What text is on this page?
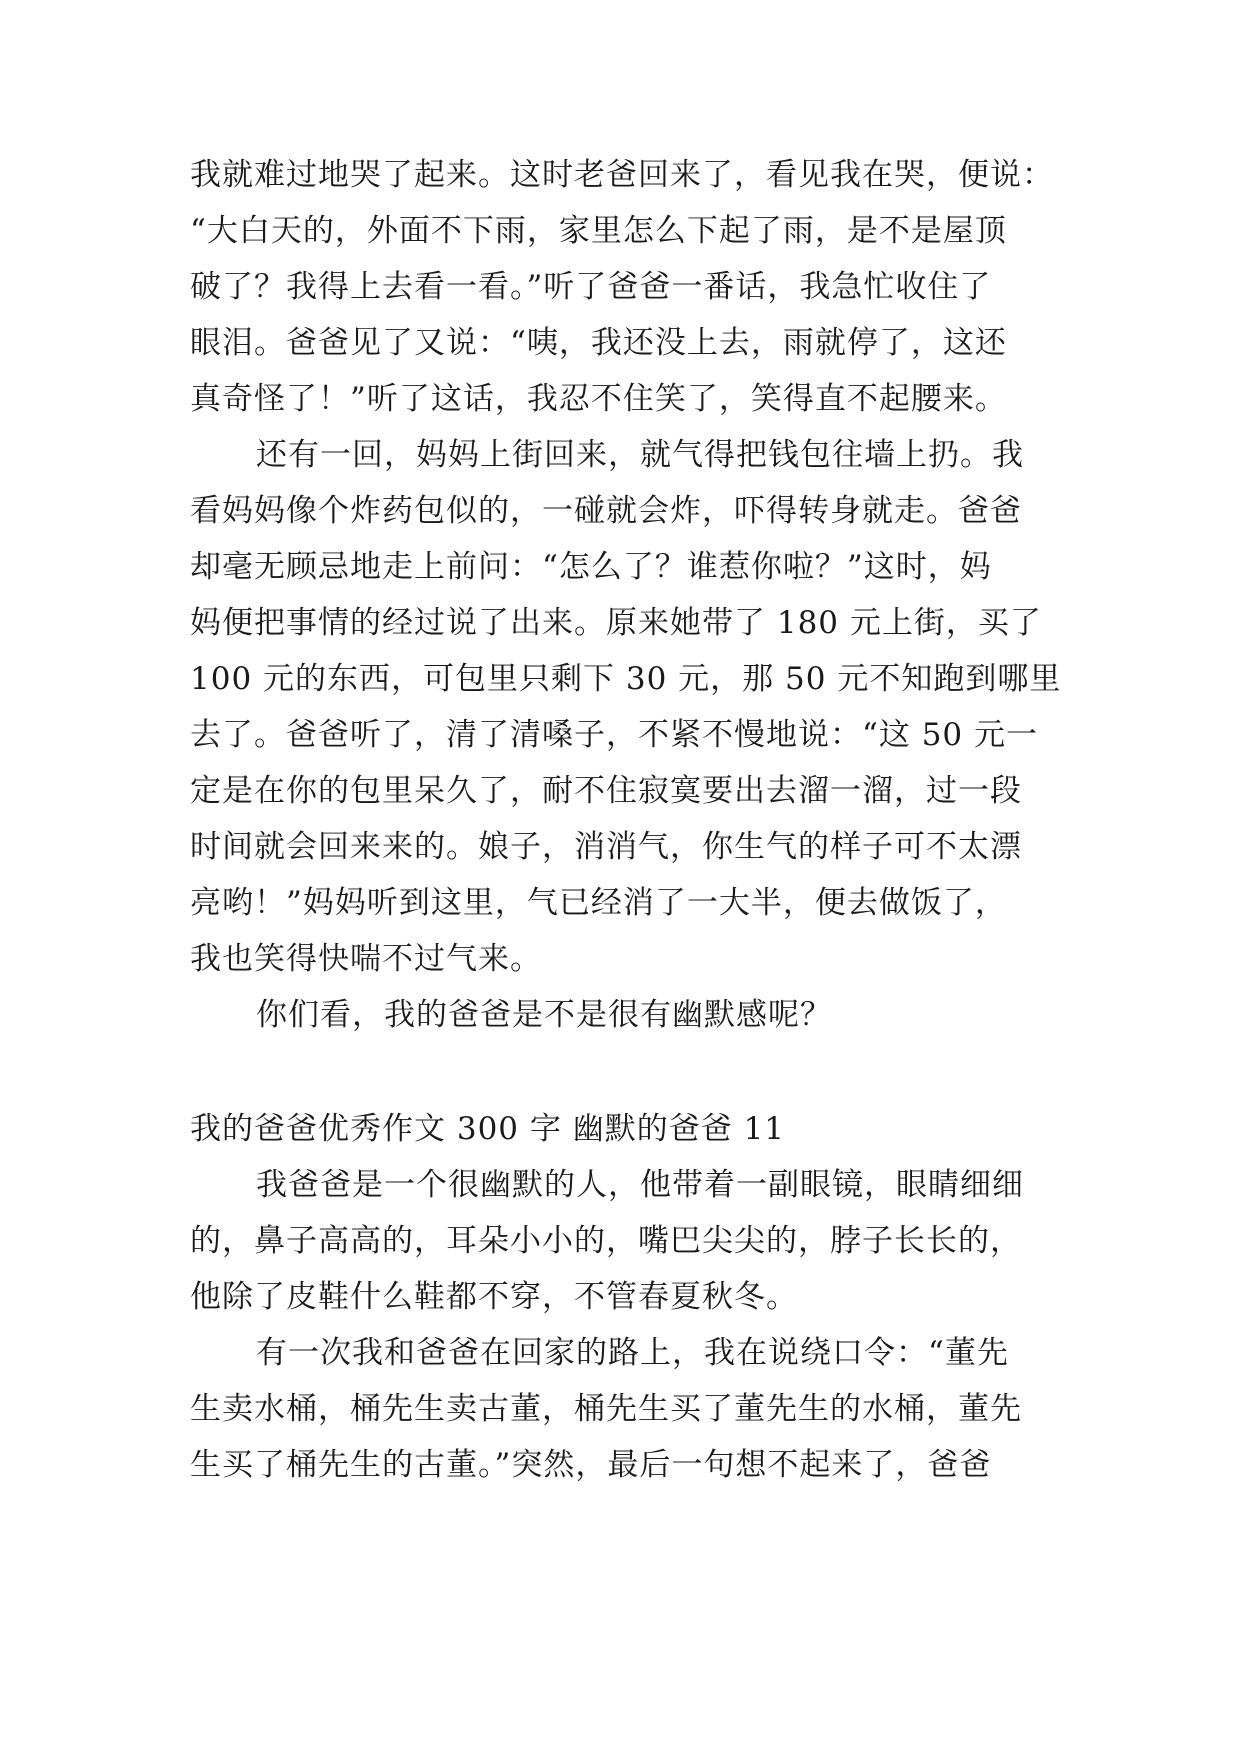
我就难过地哭了起来。这时老爸回来了，看见我在哭，便说：
“大白天的，外面不下雨，家里怎么下起了雨，是不是屋顶
破了？我得上去看一看。”听了爸爸一番话，我急忙收住了
眼泪。爸爸见了又说：“咦，我还没上去，雨就停了，这还
真奇怪了！”听了这话，我忍不住笑了，笑得直不起腰来。
还有一回，妈妈上街回来，就气得把钱包往墙上扔。我
看妈妈像个炸药包似的，一碰就会炸，吓得转身就走。爸爸
却毫无顾忌地走上前问：“怎么了？谁惹你啦？”这时，妈
妈便把事情的经过说了出来。原来她带了 180 元上街，买了
100 元的东西，可包里只剩下 30 元，那 50 元不知跑到哪里
去了。爸爸听了，清了清嗓子，不紧不慢地说：“这 50 元一
定是在你的包里呆久了，耐不住寂寞要出去溜一溜，过一段
时间就会回来来的。娘子，消消气，你生气的样子可不太漂
亮哟！”妈妈听到这里，气已经消了一大半，便去做饭了，
我也笑得快喘不过气来。
你们看，我的爸爸是不是很有幽默感呢？
我的爸爸优秀作文 300 字 幽默的爸爸 11
我爸爸是一个很幽默的人，他带着一副眼镜，眼睛细细
的，鼻子高高的，耳朵小小的，嘴巴尖尖的，脖子长长的，
他除了皮鞋什么鞋都不穿，不管春夏秋冬。
有一次我和爸爸在回家的路上，我在说绕口令：“董先
生卖水桶，桶先生卖古董，桶先生买了董先生的水桶，董先
生买了桶先生的古董。”突然，最后一句想不起来了，爸爸
